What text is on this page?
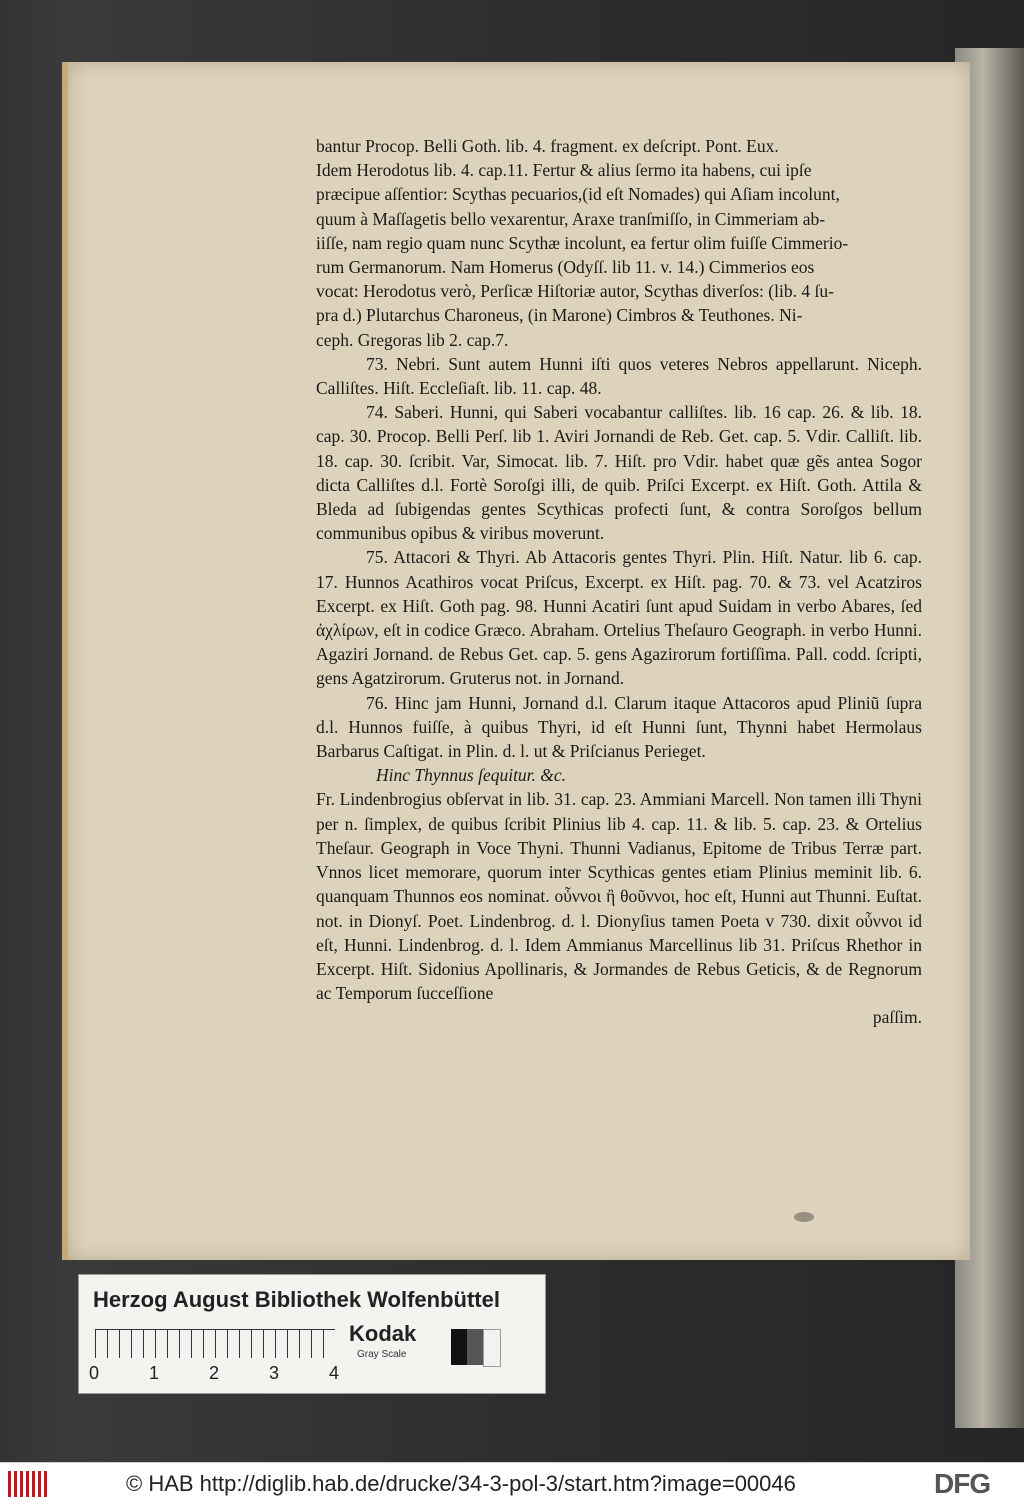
bantur Procop. Belli Goth. lib. 4. fragment. ex deſcript. Pont. Eux.

Idem Herodotus lib. 4. cap.11. Fertur & alius ſermo ita habens, cui ipſe

præcipue aſſentior: Scythas pecuarios,(id eſt Nomades) qui Aſiam incolunt,

quum à Maſſagetis bello vexarentur, Araxe tranſmiſſo, in Cimmeriam ab-

iiſſe, nam regio quam nunc Scythæ incolunt, ea fertur olim fuiſſe Cimmerio-

rum Germanorum. Nam Homerus (Odyſſ. lib 11. v. 14.) Cimmerios eos

vocat: Herodotus verò, Perſicæ Hiſtoriæ autor, Scythas diverſos: (lib. 4 ſu-

pra d.) Plutarchus Charoneus, (in Marone) Cimbros & Teuthones. Ni-

ceph. Gregoras lib 2. cap.7.

73. Nebri. Sunt autem Hunni iſti quos veteres Nebros appellarunt. Niceph. Calliſtes. Hiſt. Eccleſiaſt. lib. 11. cap. 48.

74. Saberi. Hunni, qui Saberi vocabantur calliſtes. lib. 16 cap. 26. & lib. 18. cap. 30. Procop. Belli Perſ. lib 1. Aviri Jornandi de Reb. Get. cap. 5. Vdir. Calliſt. lib. 18. cap. 30. ſcribit. Var, Simocat. lib. 7. Hiſt. pro Vdir. habet quæ gẽs antea Sogor dicta Calliſtes d.l. Fortè Soroſgi illi, de quib. Priſci Excerpt. ex Hiſt. Goth. Attila & Bleda ad ſubigendas gentes Scythicas profecti ſunt, & contra Soroſgos bellum communibus opibus & viribus moverunt.

75. Attacori & Thyri. Ab Attacoris gentes Thyri. Plin. Hiſt. Natur. lib 6. cap. 17. Hunnos Acathiros vocat Priſcus, Excerpt. ex Hiſt. pag. 70. & 73. vel Acatziros Excerpt. ex Hiſt. Goth pag. 98. Hunni Acatiri ſunt apud Suidam in verbo Abares, ſed ἀχλίρων, eſt in codice Græco. Abraham. Ortelius Theſauro Geograph. in verbo Hunni. Agaziri Jornand. de Rebus Get. cap. 5. gens Agazirorum fortiſſima. Pall. codd. ſcripti, gens Agatzirorum. Gruterus not. in Jornand.

76. Hinc jam Hunni, Jornand d.l. Clarum itaque Attacoros apud Pliniũ ſupra d.l. Hunnos fuiſſe, à quibus Thyri, id eſt Hunni ſunt, Thynni habet Hermolaus Barbarus Caſtigat. in Plin. d. l. ut & Priſcianus Perieget.

Hinc Thynnus ſequitur. &c.

Fr. Lindenbrogius obſervat in lib. 31. cap. 23. Ammiani Marcell. Non tamen illi Thyni per n. ſimplex, de quibus ſcribit Plinius lib 4. cap. 11. & lib. 5. cap. 23. & Ortelius Theſaur. Geograph in Voce Thyni. Thunni Vadianus, Epitome de Tribus Terræ part. Vnnos licet memorare, quorum inter Scythicas gentes etiam Plinius meminit lib. 6. quanquam Thunnos eos nominat. οὖννοι ἢ θοῦννοι, hoc eſt, Hunni aut Thunni. Euſtat. not. in Dionyſ. Poet. Lindenbrog. d. l. Dionyſius tamen Poeta v 730. dixit οὖννοι id eſt, Hunni. Lindenbrog. d. l. Idem Ammianus Marcellinus lib 31. Priſcus Rhethor in Excerpt. Hiſt. Sidonius Apollinaris, & Jormandes de Rebus Geticis, & de Regnorum ac Temporum ſucceſſione

paſſim.

Herzog August Bibliothek Wolfenbüttel
0	1	2	3	4
Kodak
Gray Scale
© HAB http://diglib.hab.de/drucke/34-3-pol-3/start.htm?image=00046	DFG
